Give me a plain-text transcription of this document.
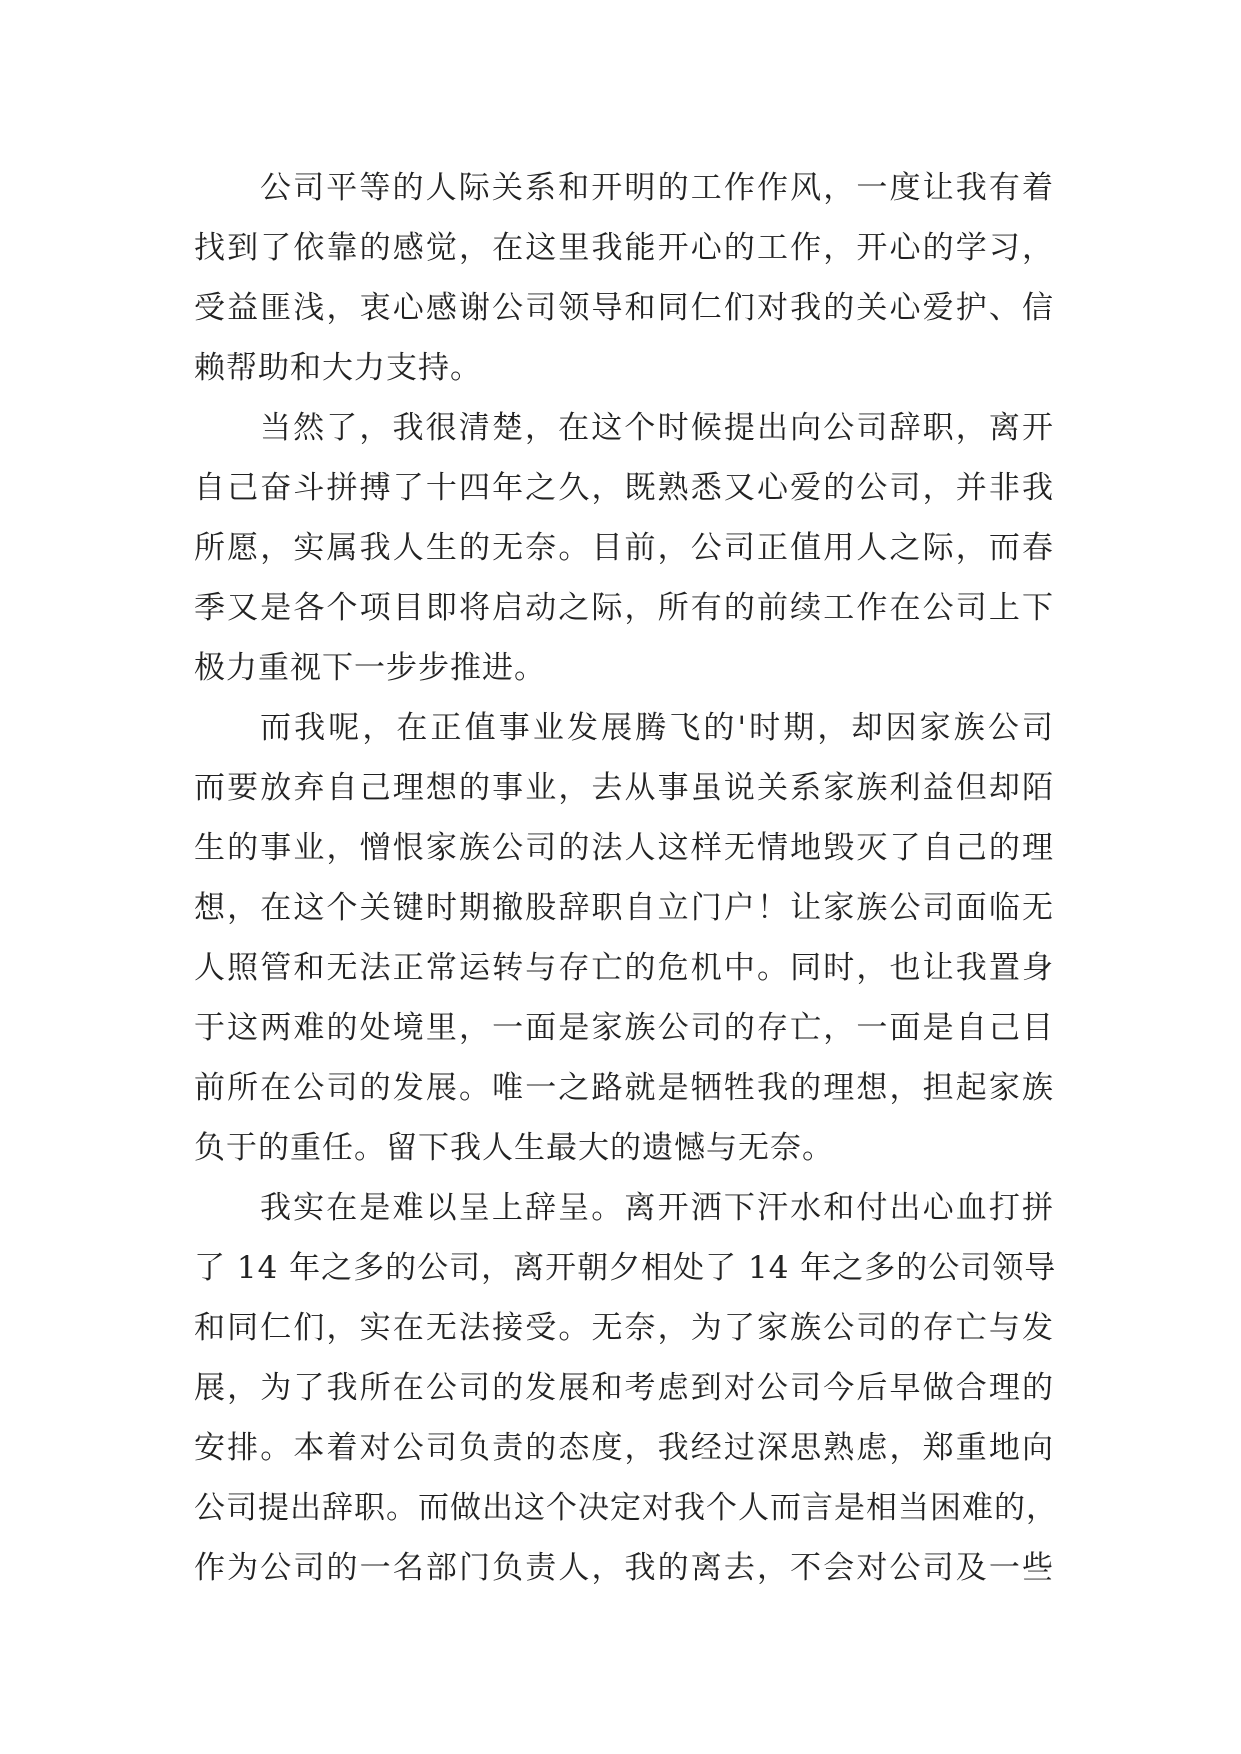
公司平等的人际关系和开明的工作作风，一度让我有着
找到了依靠的感觉，在这里我能开心的工作，开心的学习，
受益匪浅，衷心感谢公司领导和同仁们对我的关心爱护、信
赖帮助和大力支持。
当然了，我很清楚，在这个时候提出向公司辞职，离开
自己奋斗拼搏了十四年之久，既熟悉又心爱的公司，并非我
所愿，实属我人生的无奈。目前，公司正值用人之际，而春
季又是各个项目即将启动之际，所有的前续工作在公司上下
极力重视下一步步推进。
而我呢，在正值事业发展腾飞的'时期，却因家族公司
而要放弃自己理想的事业，去从事虽说关系家族利益但却陌
生的事业，憎恨家族公司的法人这样无情地毁灭了自己的理
想，在这个关键时期撤股辞职自立门户！让家族公司面临无
人照管和无法正常运转与存亡的危机中。同时，也让我置身
于这两难的处境里，一面是家族公司的存亡，一面是自己目
前所在公司的发展。唯一之路就是牺牲我的理想，担起家族
负于的重任。留下我人生最大的遗憾与无奈。
我实在是难以呈上辞呈。离开洒下汗水和付出心血打拼
了 14 年之多的公司，离开朝夕相处了 14 年之多的公司领导
和同仁们，实在无法接受。无奈，为了家族公司的存亡与发
展，为了我所在公司的发展和考虑到对公司今后早做合理的
安排。本着对公司负责的态度，我经过深思熟虑，郑重地向
公司提出辞职。而做出这个决定对我个人而言是相当困难的，
作为公司的一名部门负责人，我的离去，不会对公司及一些
